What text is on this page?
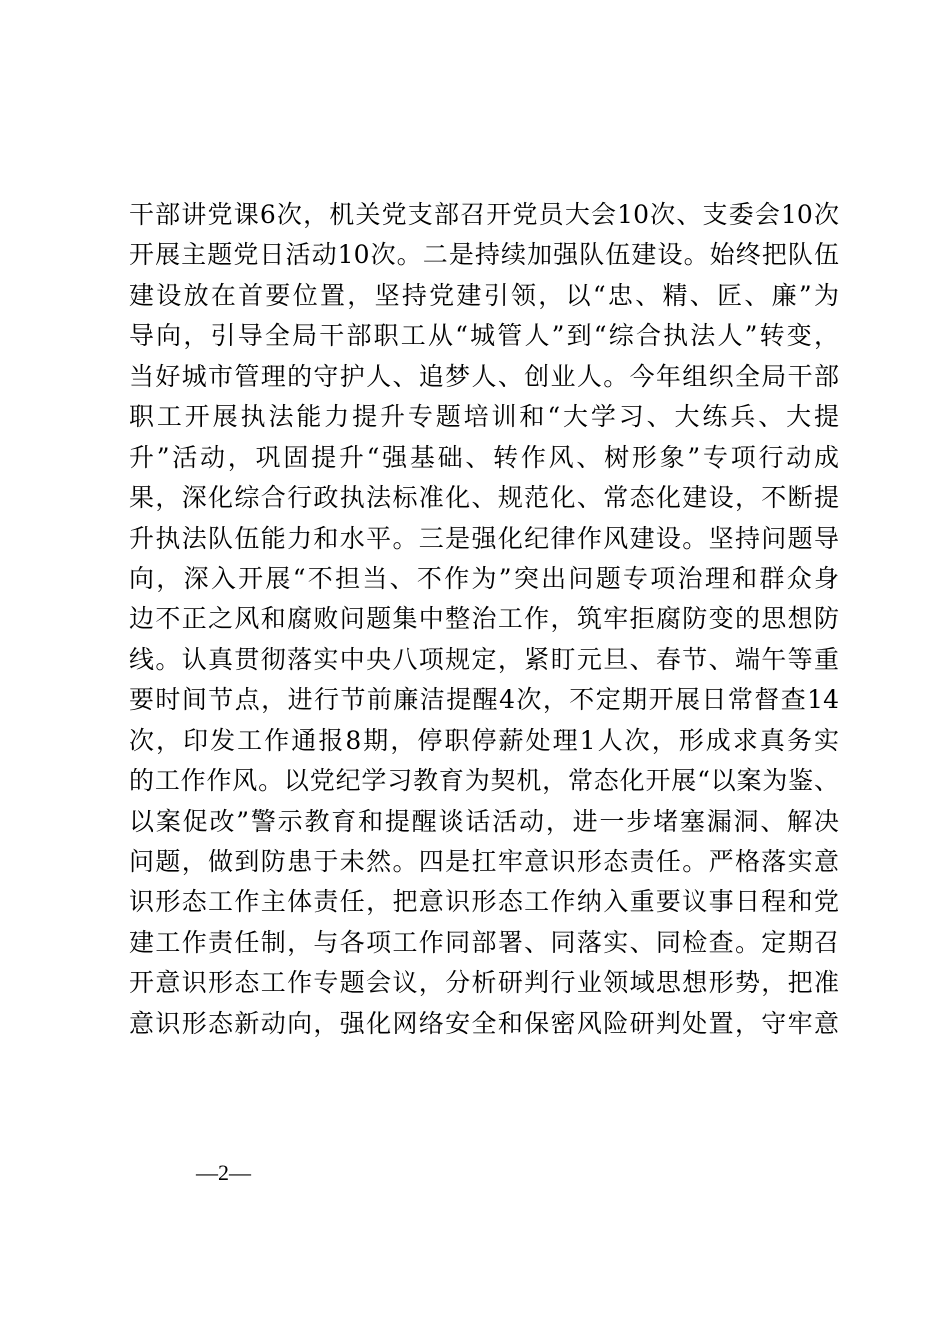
干部讲党课6次，机关党支部召开党员大会10次、支委会10次
开展主题党日活动10次。二是持续加强队伍建设。始终把队伍
建设放在首要位置，坚持党建引领，以“忠、精、匠、廉”为
导向，引导全局干部职工从“城管人”到“综合执法人”转变，
当好城市管理的守护人、追梦人、创业人。今年组织全局干部
职工开展执法能力提升专题培训和“大学习、大练兵、大提
升”活动，巩固提升“强基础、转作风、树形象”专项行动成
果，深化综合行政执法标准化、规范化、常态化建设，不断提
升执法队伍能力和水平。三是强化纪律作风建设。坚持问题导
向，深入开展“不担当、不作为”突出问题专项治理和群众身
边不正之风和腐败问题集中整治工作，筑牢拒腐防变的思想防
线。认真贯彻落实中央八项规定，紧盯元旦、春节、端午等重
要时间节点，进行节前廉洁提醒4次，不定期开展日常督查14
次，印发工作通报8期，停职停薪处理1人次，形成求真务实
的工作作风。以党纪学习教育为契机，常态化开展“以案为鉴、
以案促改”警示教育和提醒谈话活动，进一步堵塞漏洞、解决
问题，做到防患于未然。四是扛牢意识形态责任。严格落实意
识形态工作主体责任，把意识形态工作纳入重要议事日程和党
建工作责任制，与各项工作同部署、同落实、同检查。定期召
开意识形态工作专题会议，分析研判行业领域思想形势，把准
意识形态新动向，强化网络安全和保密风险研判处置，守牢意
—2—
